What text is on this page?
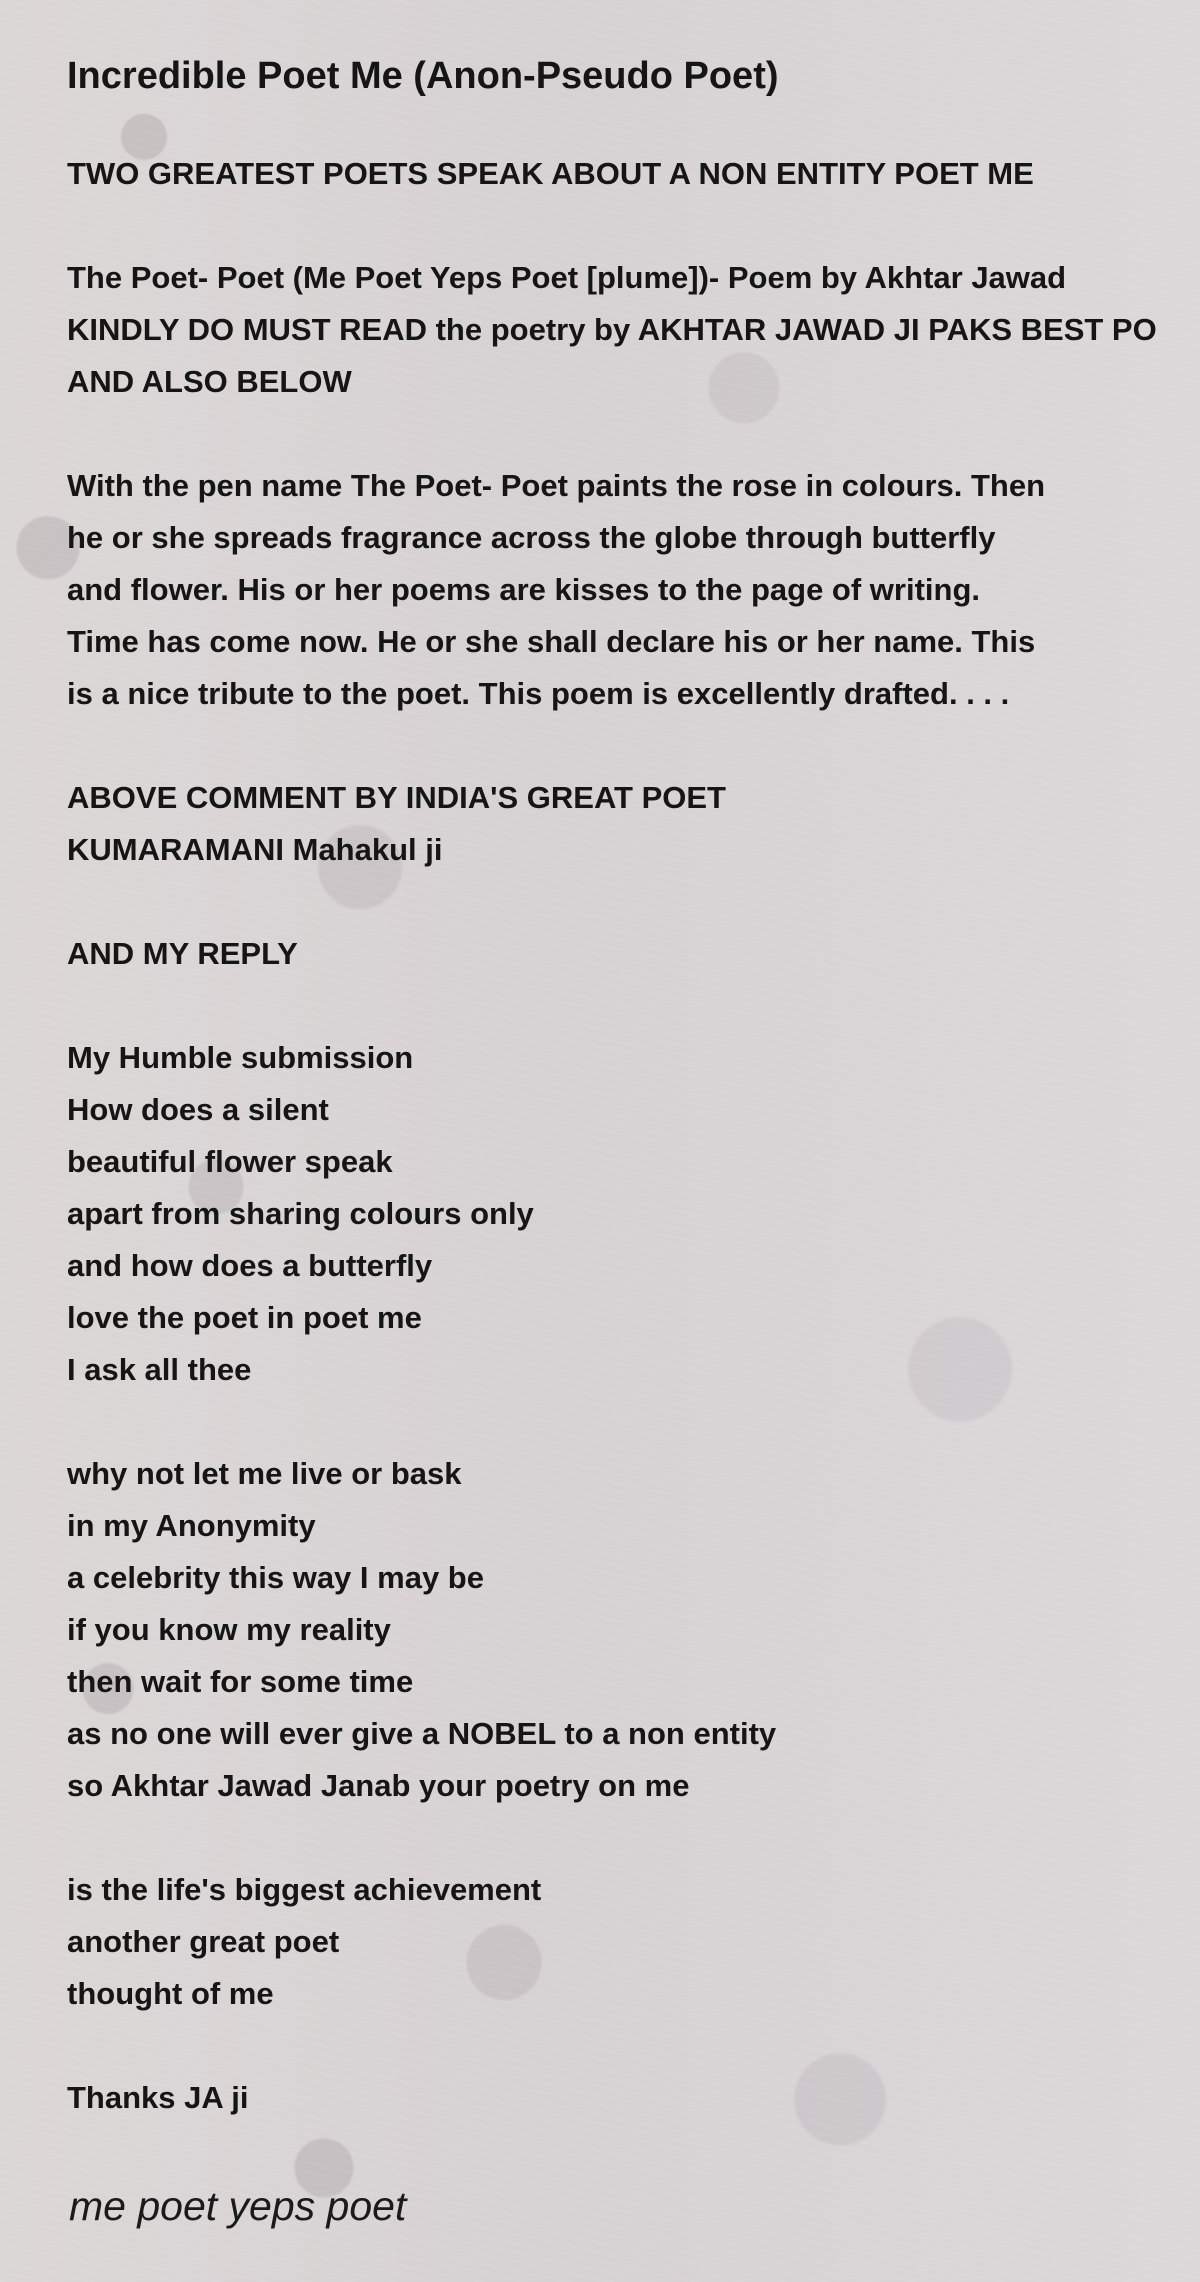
Incredible Poet Me (Anon-Pseudo Poet)
TWO GREATEST POETS SPEAK ABOUT A NON ENTITY POET ME
The Poet- Poet (Me Poet Yeps Poet [plume])- Poem by Akhtar Jawad
KINDLY DO MUST READ the poetry by AKHTAR JAWAD JI PAKS BEST PO
AND ALSO BELOW
With the pen name The Poet- Poet paints the rose in colours. Then
he or she spreads fragrance across the globe through butterfly
and flower. His or her poems are kisses to the page of writing.
Time has come now. He or she shall declare his or her name. This
is a nice tribute to the poet. This poem is excellently drafted. . . .
ABOVE COMMENT BY INDIA'S GREAT POET
KUMARAMANI Mahakul ji
AND MY REPLY
My Humble submission
How does a silent
beautiful flower speak
apart from sharing colours only
and how does a butterfly
love the poet in poet me
I ask all thee
why not let me live or bask
in my Anonymity
a celebrity this way I may be
if you know my reality
then wait for some time
as no one will ever give a NOBEL to a non entity
so Akhtar Jawad Janab your poetry on me
is the life's biggest achievement
another great poet
thought of me
Thanks JA ji
me poet yeps poet
